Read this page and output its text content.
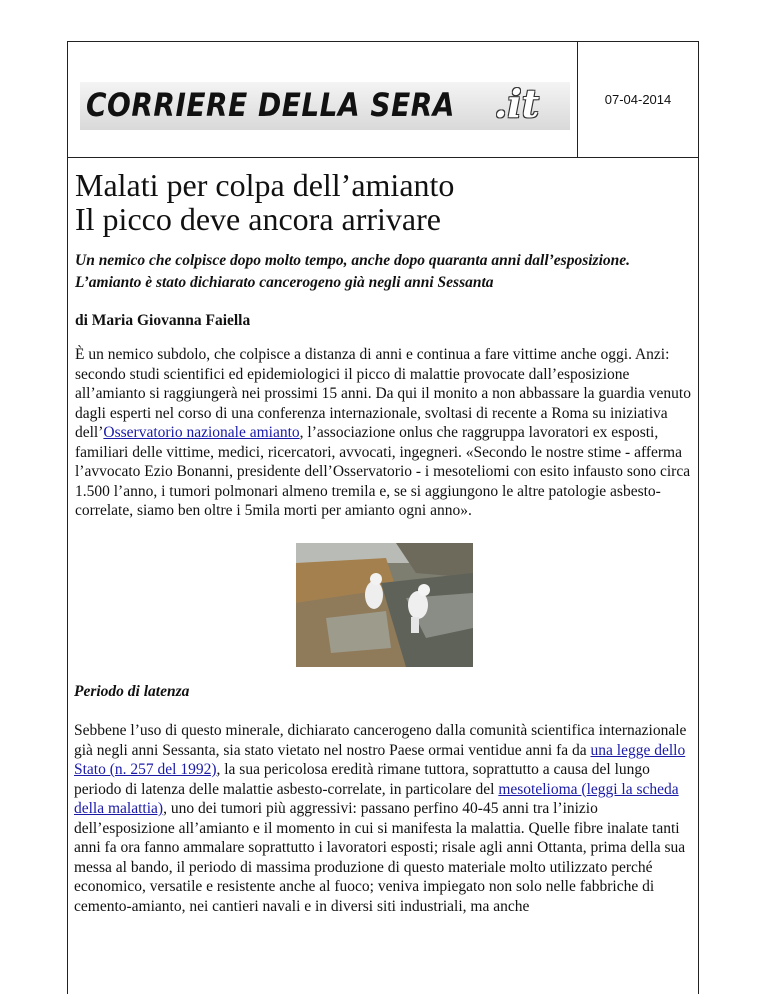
CORRIERE DELLA SERA .it	07-04-2014
Malati per colpa dell’amianto
Il picco deve ancora arrivare

Un nemico che colpisce dopo molto tempo, anche dopo quaranta anni dall’esposizione. L’amianto è stato dichiarato cancerogeno già negli anni Sessanta

di Maria Giovanna Faiella

È un nemico subdolo, che colpisce a distanza di anni e continua a fare vittime anche oggi. Anzi: secondo studi scientifici ed epidemiologici il picco di malattie provocate dall’esposizione all’amianto si raggiungerà nei prossimi 15 anni. Da qui il monito a non abbassare la guardia venuto dagli esperti nel corso di una conferenza internazionale, svoltasi di recente a Roma su iniziativa dell’Osservatorio nazionale amianto, l’associazione onlus che raggruppa lavoratori ex esposti, familiari delle vittime, medici, ricercatori, avvocati, ingegneri. «Secondo le nostre stime - afferma l’avvocato Ezio Bonanni, presidente dell’Osservatorio - i mesoteliomi con esito infausto sono circa 1.500 l’anno, i tumori polmonari almeno tremila e, se si aggiungono le altre patologie asbesto-correlate, siamo ben oltre i 5mila morti per amianto ogni anno».

Periodo di latenza

Sebbene l’uso di questo minerale, dichiarato cancerogeno dalla comunità scientifica internazionale già negli anni Sessanta, sia stato vietato nel nostro Paese ormai ventidue anni fa da una legge dello Stato (n. 257 del 1992), la sua pericolosa eredità rimane tuttora, soprattutto a causa del lungo periodo di latenza delle malattie asbesto-correlate, in particolare del mesotelioma (leggi la scheda della malattia), uno dei tumori più aggressivi: passano perfino 40-45 anni tra l’inizio dell’esposizione all’amianto e il momento in cui si manifesta la malattia. Quelle fibre inalate tanti anni fa ora fanno ammalare soprattutto i lavoratori esposti; risale agli anni Ottanta, prima della sua messa al bando, il periodo di massima produzione di questo materiale molto utilizzato perché economico, versatile e resistente anche al fuoco; veniva impiegato non solo nelle fabbriche di cemento-amianto, nei cantieri navali e in diversi siti industriali, ma anche
